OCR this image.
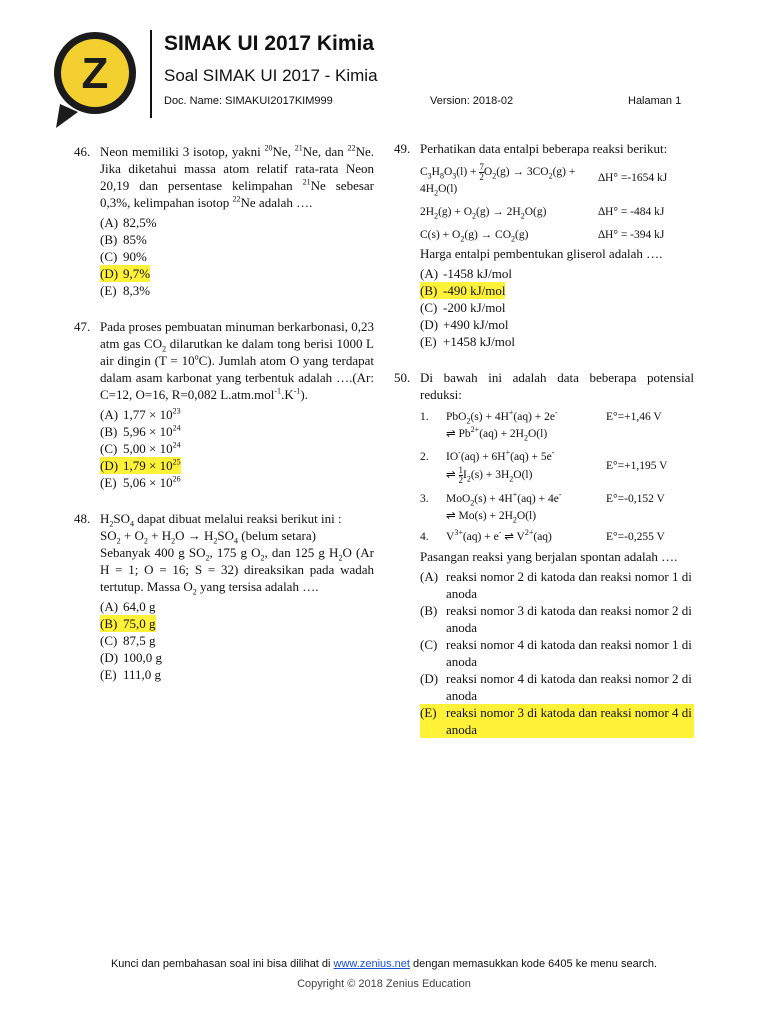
Z
SIMAK UI 2017 Kimia
Soal SIMAK UI 2017 - Kimia
Doc. Name: SIMAKUI2017KIM999	Version: 2018-02	Halaman 1
46. Neon memiliki 3 isotop, yakni $^{20}$Ne, $^{21}$Ne, dan $^{22}$Ne. Jika diketahui massa atom relatif rata-rata Neon 20,19 dan persentase kelimpahan $^{21}$Ne sebesar 0,3%, kelimpahan isotop $^{22}$Ne adalah ….
(A) 82,5%
(B) 85%
(C) 90%
(D) 9,7%
(E) 8,3%
47. Pada proses pembuatan minuman berkarbonasi, 0,23 atm gas $CO_2$ dilarutkan ke dalam tong berisi 1000 L air dingin $(T = 10^oC)$. Jumlah atom O yang terdapat dalam asam karbonat yang terbentuk adalah ….(Ar: C=12, O=16, R=0,082 $L.atm.mol^{-1}.K^{-1}$).
(A) $1,77 \times 10^{23}$
(B) $5,96 \times 10^{24}$
(C) $5,00 \times 10^{24}$
(D) $1,79 \times 10^{25}$
(E) $5,06 \times 10^{26}$
48. $H_2SO_4$ dapat dibuat melalui reaksi berikut ini :
$SO_2 + O_2 + H_2O \to H_2SO_4$ (belum setara)
Sebanyak 400 g $SO_2$, 175 g $O_2$, dan 125 g $H_2O$ (Ar H = 1; O = 16; S = 32) direaksikan pada wadah tertutup. Massa $O_2$ yang tersisa adalah ….
(A) 64,0 g
(B) 75,0 g
(C) 87,5 g
(D) 100,0 g
(E) 111,0 g
49. Perhatikan data entalpi beberapa reaksi berikut:
$C_3H_8O_3(l) + \frac{7}{2} O_2(g) \to 3CO_2(g) + 4H_2O(l)$
∆H° =-1654 kJ
$2H_2(g) + O_2(g) \to 2H_2O(g)$	∆H° = -484 kJ
$C(s) + O_2(g) \to CO_2(g)$	∆H° = -394 kJ
Harga entalpi pembentukan gliserol adalah ….
(A) -1458 kJ/mol
(B) -490 kJ/mol
(C) -200 kJ/mol
(D) +490 kJ/mol
(E) +1458 kJ/mol
50. Di bawah ini adalah data beberapa potensial reduksi:
1.	PbO$_2$(s) + 4H+(aq) + 2e-
⇌ $Pb^{2+}(aq) + 2H_2O(l)$
E°=+1,46 V
2.	IO-(aq) + 6H+(aq) + 5e-
⇌ $\frac{1}{2} I_2(s) + 3H_2O(l)$
E°=+1,195 V
3.	MoO$_2$(s) + 4H+(aq) + 4e-
⇌ $Mo(s) + 2H_2O(l)$
E°=-0,152 V
4.	$V^{3+}(aq) + e^-$ ⇌ $V^{2+}(aq)$	E°=-0,255 V
Pasangan reaksi yang berjalan spontan adalah ….
(A) reaksi nomor 2 di katoda dan reaksi nomor 1 di anoda
(B) reaksi nomor 3 di katoda dan reaksi nomor 2 di anoda
(C) reaksi nomor 4 di katoda dan reaksi nomor 1 di anoda
(D) reaksi nomor 4 di katoda dan reaksi nomor 2 di anoda
(E) reaksi nomor 3 di katoda dan reaksi nomor 4 di anoda
Kunci dan pembahasan soal ini bisa dilihat di www.zenius.net dengan memasukkan kode 6405 ke menu search.
Copyright © 2018 Zenius Education
